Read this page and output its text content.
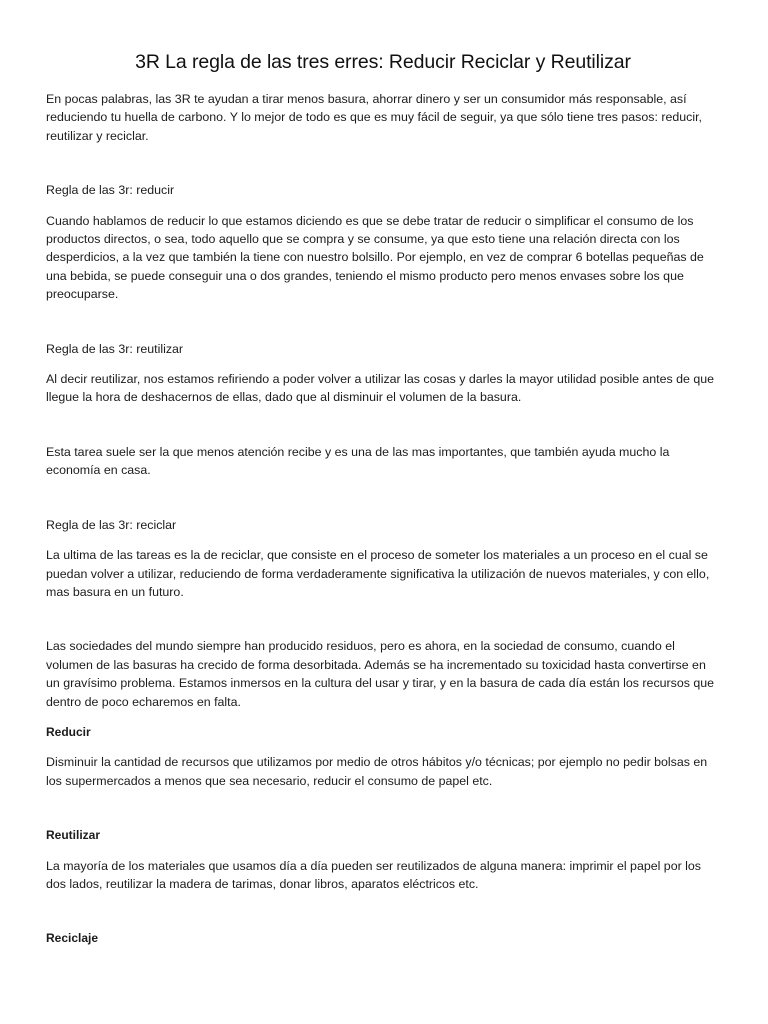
3R La regla de las tres erres: Reducir Reciclar y Reutilizar

En pocas palabras, las 3R te ayudan a tirar menos basura, ahorrar dinero y ser un consumidor más responsable, así reduciendo tu huella de carbono. Y lo mejor de todo es que es muy fácil de seguir, ya que sólo tiene tres pasos: reducir, reutilizar y reciclar.

Regla de las 3r: reducir

Cuando hablamos de reducir lo que estamos diciendo es que se debe tratar de reducir o simplificar el consumo de los productos directos, o sea, todo aquello que se compra y se consume, ya que esto tiene una relación directa con los desperdicios, a la vez que también la tiene con nuestro bolsillo. Por ejemplo, en vez de comprar 6 botellas pequeñas de una bebida, se puede conseguir una o dos grandes, teniendo el mismo producto pero menos envases sobre los que preocuparse.

Regla de las 3r: reutilizar

Al decir reutilizar, nos estamos refiriendo a poder volver a utilizar las cosas y darles la mayor utilidad posible antes de que llegue la hora de deshacernos de ellas, dado que al disminuir el volumen de la basura.

Esta tarea suele ser la que menos atención recibe y es una de las mas importantes, que también ayuda mucho la economía en casa.

Regla de las 3r: reciclar

La ultima de las tareas es la de reciclar, que consiste en el proceso de someter los materiales a un proceso en el cual se puedan volver a utilizar, reduciendo de forma verdaderamente significativa la utilización de nuevos materiales, y con ello, mas basura en un futuro.

Las sociedades del mundo siempre han producido residuos, pero es ahora, en la sociedad de consumo, cuando el volumen de las basuras ha crecido de forma desorbitada. Además se ha incrementado su toxicidad hasta convertirse en un gravísimo problema. Estamos inmersos en la cultura del usar y tirar, y en la basura de cada día están los recursos que dentro de poco echaremos en falta.

Reducir

Disminuir la cantidad de recursos que utilizamos por medio de otros hábitos y/o técnicas; por ejemplo no pedir bolsas en los supermercados a menos que sea necesario, reducir el consumo de papel etc.

Reutilizar

La mayoría de los materiales que usamos día a día pueden ser reutilizados de alguna manera: imprimir el papel por los dos lados, reutilizar la madera de tarimas, donar libros, aparatos eléctricos etc.

Reciclaje
